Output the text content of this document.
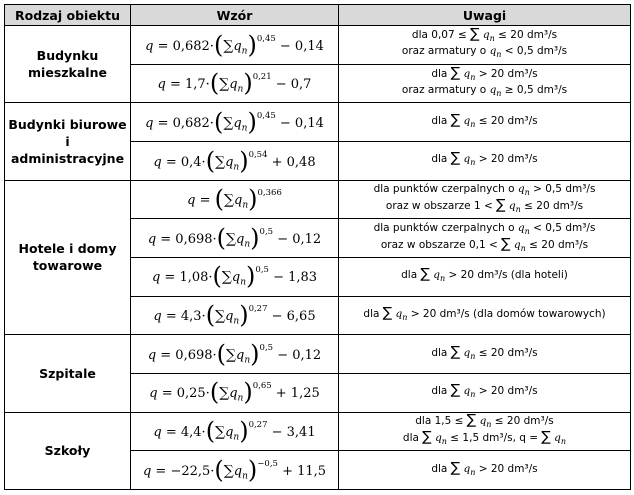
Rodzaj obiektu	Wzór	Uwagi
Budynku
mieszkalne	$q = 0,682\cdot(\sum q_n)^{0,45} - 0,14$	dla 0,07 ≤ ∑ $q_n \le 20$ dm³/s
oraz armatury o $q_n < 0,5$ dm³/s
	$q = 1,7\cdot(\sum q_n)^{0,21} - 0,7$	dla ∑ $q_n > 20$ dm³/s
oraz armatury o $q_n \ge 0,5$ dm³/s
Budynki biurowe
i administracyjne	$q = 0,682\cdot(\sum q_n)^{0,45} - 0,14$	dla ∑ $q_n \le 20$ dm³/s
	$q = 0,4\cdot(\sum q_n)^{0,54} + 0,48$	dla ∑ $q_n > 20$ dm³/s
Hotele i domy
towarowe	$q = (\sum q_n)^{0,366}$	dla punktów czerpalnych o $q_n > 0,5$ dm³/s
oraz w obszarze 1 < ∑ $q_n \le 20$ dm³/s
	$q = 0,698\cdot(\sum q_n)^{0,5} - 0,12$	dla punktów czerpalnych o $q_n < 0,5$ dm³/s
oraz w obszarze 0,1 < ∑ $q_n \le 20$ dm³/s
	$q = 1,08\cdot(\sum q_n)^{0,5} - 1,83$	dla ∑ $q_n > 20$ dm³/s (dla hoteli)
	$q = 4,3\cdot(\sum q_n)^{0,27} - 6,65$	dla ∑ $q_n > 20$ dm³/s (dla domów towarowych)
Szpitale	$q = 0,698\cdot(\sum q_n)^{0,5} - 0,12$	dla ∑ $q_n \le 20$ dm³/s
	$q = 0,25\cdot(\sum q_n)^{0,65} + 1,25$	dla ∑ $q_n > 20$ dm³/s
Szkoły	$q = 4,4\cdot(\sum q_n)^{0,27} - 3,41$	dla 1,5 ≤ ∑ $q_n \le 20$ dm³/s
dla ∑ $q_n \le 1,5$ dm³/s, q = ∑ $q_n$
	$q = -22,5\cdot(\sum q_n)^{-0,5} + 11,5$	dla ∑ $q_n > 20$ dm³/s
